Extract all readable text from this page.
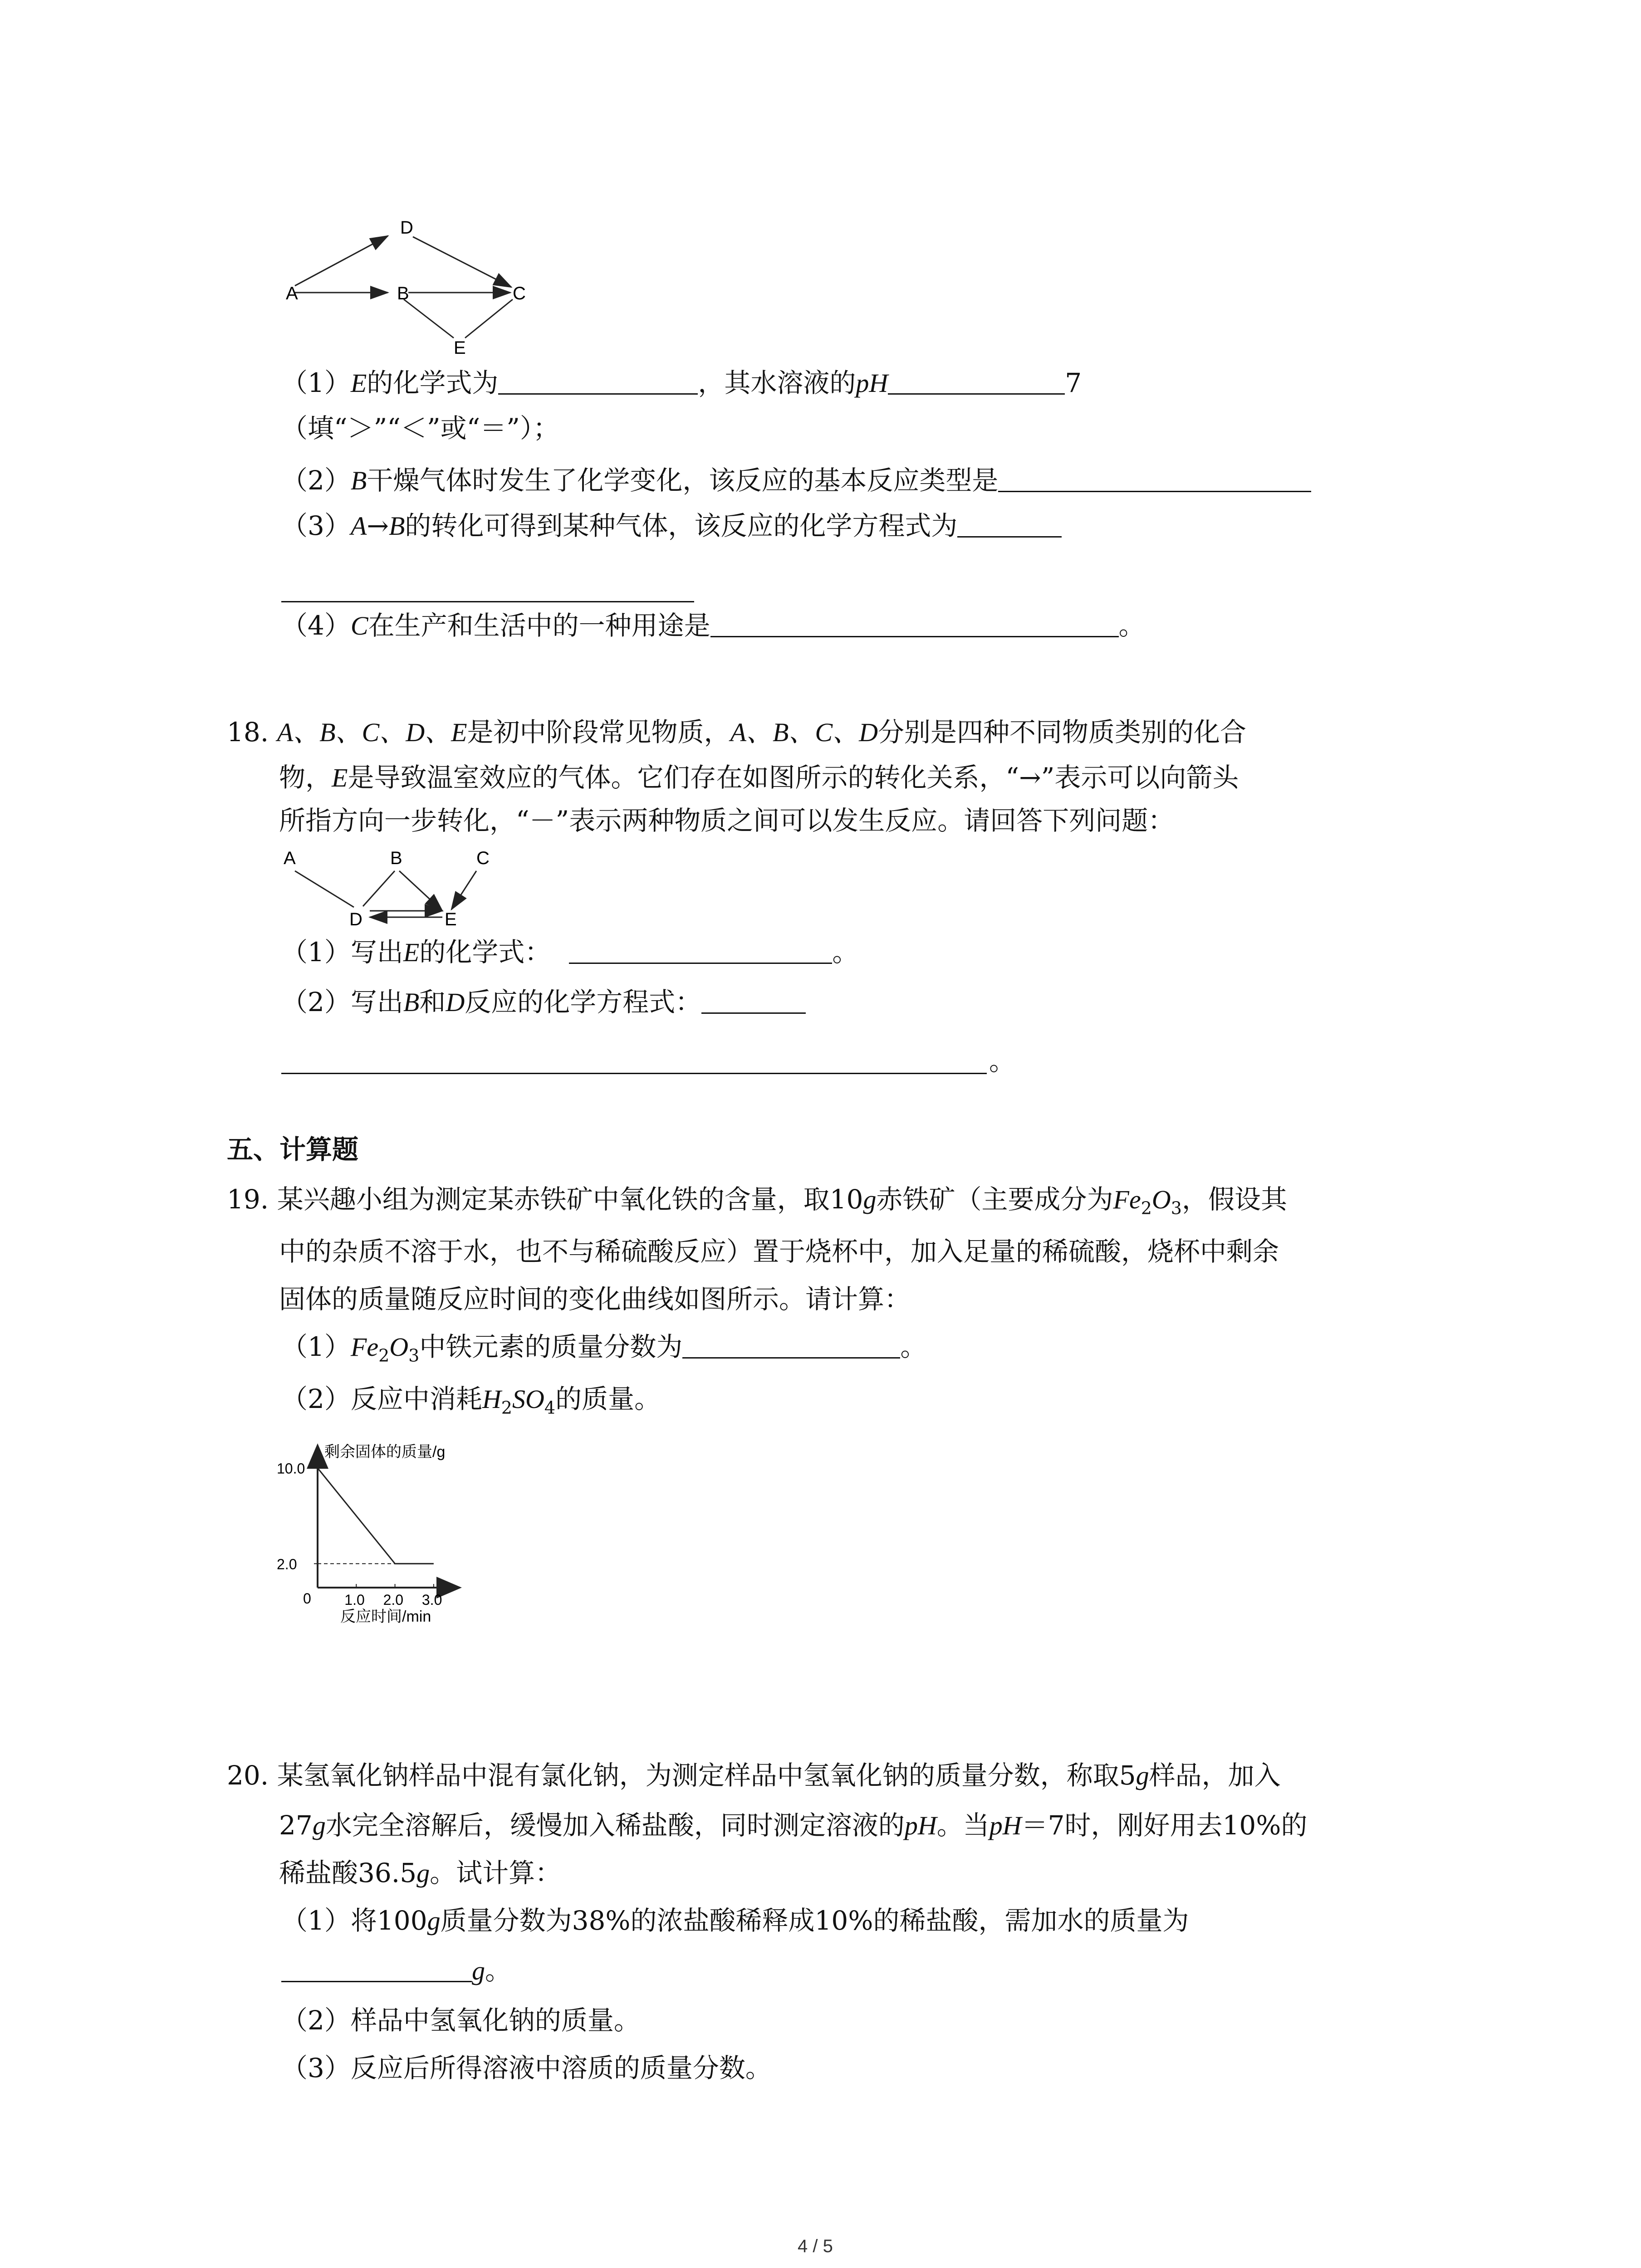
A
D
B	C
E
（1）E的化学式为	，其水溶液的pH	7
（填“＞”“＜”或“＝”）；
（2）B干燥气体时发生了化学变化，该反应的基本反应类型是
（3）A→B的转化可得到某种气体，该反应的化学方程式为
（4）C在生产和生活中的一种用途是	。
18. A、B、C、D、E是初中阶段常见物质，A、B、C、D分别是四种不同物质类别的化合
物，E是导致温室效应的气体。它们存在如图所示的转化关系，“→”表示可以向箭头
所指方向一步转化，“－”表示两种物质之间可以发生反应。请回答下列问题：
A	B	C
D	E
（1）写出E的化学式：	。
（2）写出B和D反应的化学方程式：
。
五、计算题
19. 某兴趣小组为测定某赤铁矿中氧化铁的含量，取10g赤铁矿（主要成分为$Fe_2O_3$，假设其
中的杂质不溶于水，也不与稀硫酸反应）置于烧杯中，加入足量的稀硫酸，烧杯中剩余
固体的质量随反应时间的变化曲线如图所示。请计算：
$(1)Fe_2O_3$中铁元素的质量分数为	。
（2）反应中消耗$H_2SO_4$的质量。
剩余固体的质量/g
反应时间/min
0
10.0
2.0
1.0 2.0 3.0
20. 某氢氧化钠样品中混有氯化钠，为测定样品中氢氧化钠的质量分数，称取5g样品，加入
27g水完全溶解后，缓慢加入稀盐酸，同时测定溶液的pH。当pH＝7时，刚好用去10%的
稀盐酸36.5g。试计算：
（1）将100g质量分数为38%的浓盐酸稀释成10%的稀盐酸，需加水的质量为
g。
（2）样品中氢氧化钠的质量。
（3）反应后所得溶液中溶质的质量分数。
4 / 5
